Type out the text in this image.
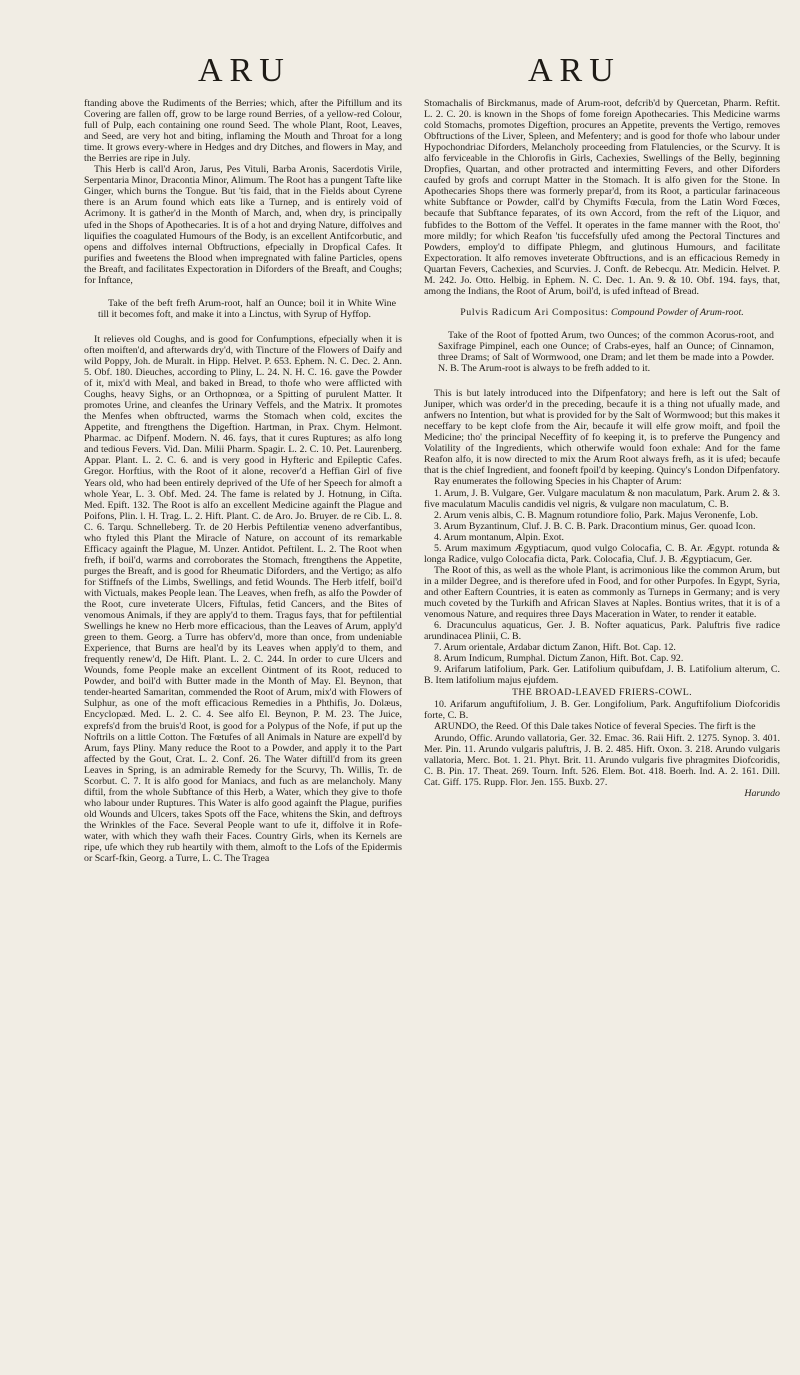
ARU	ARU

ftanding above the Rudiments of the Berries; which, after the Piftillum and its Covering are fallen off, grow to be large round Berries, of a yellow-red Colour, full of Pulp, each containing one round Seed. The whole Plant, Root, Leaves, and Seed, are very hot and biting, inflaming the Mouth and Throat for a long time. It grows every-where in Hedges and dry Ditches, and flowers in May, and the Berries are ripe in July.

This Herb is call'd Aron, Jarus, Pes Vituli, Barba Aronis, Sacerdotis Virile, Serpentaria Minor, Dracontia Minor, Alimum. The Root has a pungent Tafte like Ginger, which burns the Tongue. But 'tis faid, that in the Fields about Cyrene there is an Arum found which eats like a Turnep, and is entirely void of Acrimony. It is gather'd in the Month of March, and, when dry, is principally ufed in the Shops of Apothecaries. It is of a hot and drying Nature, diffolves and liquifies the coagulated Humours of the Body, is an excellent Antifcorbutic, and opens and diffolves internal Obftructions, efpecially in Dropfical Cafes. It purifies and fweetens the Blood when impregnated with faline Particles, opens the Breaft, and facilitates Expectoration in Diforders of the Breaft, and Coughs; for Inftance,

Take of the beft frefh Arum-root, half an Ounce; boil it in White Wine till it becomes foft, and make it into a Linctus, with Syrup of Hyffop.

It relieves old Coughs, and is good for Confumptions, efpecially when it is often moiften'd, and afterwards dry'd, with Tincture of the Flowers of Daify and wild Poppy, Joh. de Muralt. in Hipp. Helvet. P. 653. Ephem. N. C. Dec. 2. Ann. 5. Obf. 180. Dieuches, according to Pliny, L. 24. N. H. C. 16. gave the Powder of it, mix'd with Meal, and baked in Bread, to thofe who were afflicted with Coughs, heavy Sighs, or an Orthopnœa, or a Spitting of purulent Matter. It promotes Urine, and cleanfes the Urinary Veffels, and the Matrix. It promotes the Menfes when obftructed, warms the Stomach when cold, excites the Appetite, and ftrengthens the Digeftion. Hartman, in Prax. Chym. Helmont. Pharmac. ac Difpenf. Modern. N. 46. fays, that it cures Ruptures; as alfo long and tedious Fevers. Vid. Dan. Milii Pharm. Spagir. L. 2. C. 10. Pet. Laurenberg. Appar. Plant. L. 2. C. 6. and is very good in Hyfteric and Epileptic Cafes. Gregor. Horftius, with the Root of it alone, recover'd a Heffian Girl of five Years old, who had been entirely deprived of the Ufe of her Speech for almoft a whole Year, L. 3. Obf. Med. 24. The fame is related by J. Hotnung, in Ciſta. Med. Epift. 132. The Root is alfo an excellent Medicine againft the Plague and Poifons, Plin. l. H. Trag. L. 2. Hift. Plant. C. de Aro. Jo. Bruyer. de re Cib. L. 8. C. 6. Tarqu. Schnelleberg. Tr. de 20 Herbis Peftilentiæ veneno adverfantibus, who ftyled this Plant the Miracle of Nature, on account of its remarkable Efficacy againft the Plague, M. Unzer. Antidot. Peftilent. L. 2. The Root when frefh, if boil'd, warms and corroborates the Stomach, ftrengthens the Appetite, purges the Breaft, and is good for Rheumatic Diforders, and the Vertigo; as alfo for Stiffnefs of the Limbs, Swellings, and fetid Wounds. The Herb itfelf, boil'd with Victuals, makes People lean. The Leaves, when frefh, as alfo the Powder of the Root, cure inveterate Ulcers, Fiftulas, fetid Cancers, and the Bites of venomous Animals, if they are apply'd to them. Tragus fays, that for peftilential Swellings he knew no Herb more efficacious, than the Leaves of Arum, apply'd green to them. Georg. a Turre has obferv'd, more than once, from undeniable Experience, that Burns are heal'd by its Leaves when apply'd to them, and frequently renew'd, De Hift. Plant. L. 2. C. 244. In order to cure Ulcers and Wounds, fome People make an excellent Ointment of its Root, reduced to Powder, and boil'd with Butter made in the Month of May. El. Beynon, that tender-hearted Samaritan, commended the Root of Arum, mix'd with Flowers of Sulphur, as one of the moft efficacious Remedies in a Phthifis, Jo. Dolæus, Encyclopæd. Med. L. 2. C. 4. See alfo El. Beynon, P. M. 23. The Juice, exprefs'd from the bruis'd Root, is good for a Polypus of the Nofe, if put up the Noftrils on a little Cotton. The Fœtufes of all Animals in Nature are expell'd by Arum, fays Pliny. Many reduce the Root to a Powder, and apply it to the Part affected by the Gout, Crat. L. 2. Conf. 26. The Water diftill'd from its green Leaves in Spring, is an admirable Remedy for the Scurvy, Th. Willis, Tr. de Scorbut. C. 7. It is alfo good for Maniacs, and fuch as are melancholy. Many diftil, from the whole Subftance of this Herb, a Water, which they give to thofe who labour under Ruptures. This Water is alfo good againft the Plague, purifies old Wounds and Ulcers, takes Spots off the Face, whitens the Skin, and deftroys the Wrinkles of the Face. Several People want to ufe it, diffolve it in Rofe-water, with which they wafh their Faces. Country Girls, when its Kernels are ripe, ufe which they rub heartily with them, almoft to the Lofs of the Epidermis or Scarf-fkin, Georg. a Turre, L. C. The Tragea

Stomachalis of Birckmanus, made of Arum-root, defcrib'd by Quercetan, Pharm. Reftit. L. 2. C. 20. is known in the Shops of fome foreign Apothecaries. This Medicine warms cold Stomachs, promotes Digeftion, procures an Appetite, prevents the Vertigo, removes Obftructions of the Liver, Spleen, and Mefentery; and is good for thofe who labour under Hypochondriac Diforders, Melancholy proceeding from Flatulencies, or the Scurvy. It is alfo ferviceable in the Chlorofis in Girls, Cachexies, Swellings of the Belly, beginning Dropfies, Quartan, and other protracted and intermitting Fevers, and other Diforders caufed by grofs and corrupt Matter in the Stomach. It is alfo given for the Stone. In Apothecaries Shops there was formerly prepar'd, from its Root, a particular farinaceous white Subftance or Powder, call'd by Chymifts Fœcula, from the Latin Word Fœces, becaufe that Subftance feparates, of its own Accord, from the reft of the Liquor, and fubfides to the Bottom of the Veffel. It operates in the fame manner with the Root, tho' more mildly; for which Reafon 'tis fuccefsfully ufed among the Pectoral Tinctures and Powders, employ'd to diffipate Phlegm, and glutinous Humours, and facilitate Expectoration. It alfo removes inveterate Obftructions, and is an efficacious Remedy in Quartan Fevers, Cachexies, and Scurvies. J. Conft. de Rebecqu. Atr. Medicin. Helvet. P. M. 242. Jo. Otto. Helbig. in Ephem. N. C. Dec. 1. An. 9. & 10. Obf. 194. fays, that, among the Indians, the Root of Arum, boil'd, is ufed inftead of Bread.

Pulvis Radicum Ari Compositus: Compound Powder of Arum-root.

Take of the Root of fpotted Arum, two Ounces; of the common Acorus-root, and Saxifrage Pimpinel, each one Ounce; of Crabs-eyes, half an Ounce; of Cinnamon, three Drams; of Salt of Wormwood, one Dram; and let them be made into a Powder. N. B. The Arum-root is always to be frefh added to it.

This is but lately introduced into the Difpenfatory; and here is left out the Salt of Juniper, which was order'd in the preceding, becaufe it is a thing not ufually made, and anfwers no Intention, but what is provided for by the Salt of Wormwood; but this makes it neceffary to be kept clofe from the Air, becaufe it will elfe grow moift, and fpoil the Medicine; tho' the principal Neceffity of fo keeping it, is to preferve the Pungency and Volatility of the Ingredients, which otherwife would foon exhale: And for the fame Reafon alfo, it is now directed to mix the Arum Root always frefh, as it is ufed; becaufe that is the chief Ingredient, and fooneft fpoil'd by keeping. Quincy's London Difpenfatory.

Ray enumerates the following Species in his Chapter of Arum:

1. Arum, J. B. Vulgare, Ger. Vulgare maculatum & non maculatum, Park. Arum 2. & 3. five maculatum Maculis candidis vel nigris, & vulgare non maculatum, C. B.

2. Arum venis albis, C. B. Magnum rotundiore folio, Park. Majus Veronenfe, Lob.

3. Arum Byzantinum, Cluf. J. B. C. B. Park. Dracontium minus, Ger. quoad Icon.

4. Arum montanum, Alpin. Exot.

5. Arum maximum Ægyptiacum, quod vulgo Colocafia, C. B. Ar. Ægypt. rotunda & longa Radice, vulgo Colocafia dicta, Park. Colocafia, Cluf. J. B. Ægyptiacum, Ger.

The Root of this, as well as the whole Plant, is acrimonious like the common Arum, but in a milder Degree, and is therefore ufed in Food, and for other Purpofes. In Egypt, Syria, and other Eaftern Countries, it is eaten as commonly as Turneps in Germany; and is very much coveted by the Turkifh and African Slaves at Naples. Bontius writes, that it is of a venomous Nature, and requires three Days Maceration in Water, to render it eatable.

6. Dracunculus aquaticus, Ger. J. B. Nofter aquaticus, Park. Paluftris five radice arundinacea Plinii, C. B.

7. Arum orientale, Ardabar dictum Zanon, Hift. Bot. Cap. 12.

8. Arum Indicum, Rumphal. Dictum Zanon, Hift. Bot. Cap. 92.

9. Arifarum latifolium, Park. Ger. Latifolium quibufdam, J. B. Latifolium alterum, C. B. Item latifolium majus ejufdem.

THE BROAD-LEAVED FRIERS-COWL.

10. Arifarum anguftifolium, J. B. Ger. Longifolium, Park. Anguftifolium Diofcoridis forte, C. B.

ARUNDO, the Reed. Of this Dale takes Notice of feveral Species. The firft is the

Arundo, Offic. Arundo vallatoria, Ger. 32. Emac. 36. Raii Hift. 2. 1275. Synop. 3. 401. Mer. Pin. 11. Arundo vulgaris paluftris, J. B. 2. 485. Hift. Oxon. 3. 218. Arundo vulgaris vallatoria, Merc. Bot. 1. 21. Phyt. Brit. 11. Arundo vulgaris five phragmites Diofcoridis, C. B. Pin. 17. Theat. 269. Tourn. Inft. 526. Elem. Bot. 418. Boerh. Ind. A. 2. 161. Dill. Cat. Giff. 175. Rupp. Flor. Jen. 155. Buxb. 27.

Harundo
